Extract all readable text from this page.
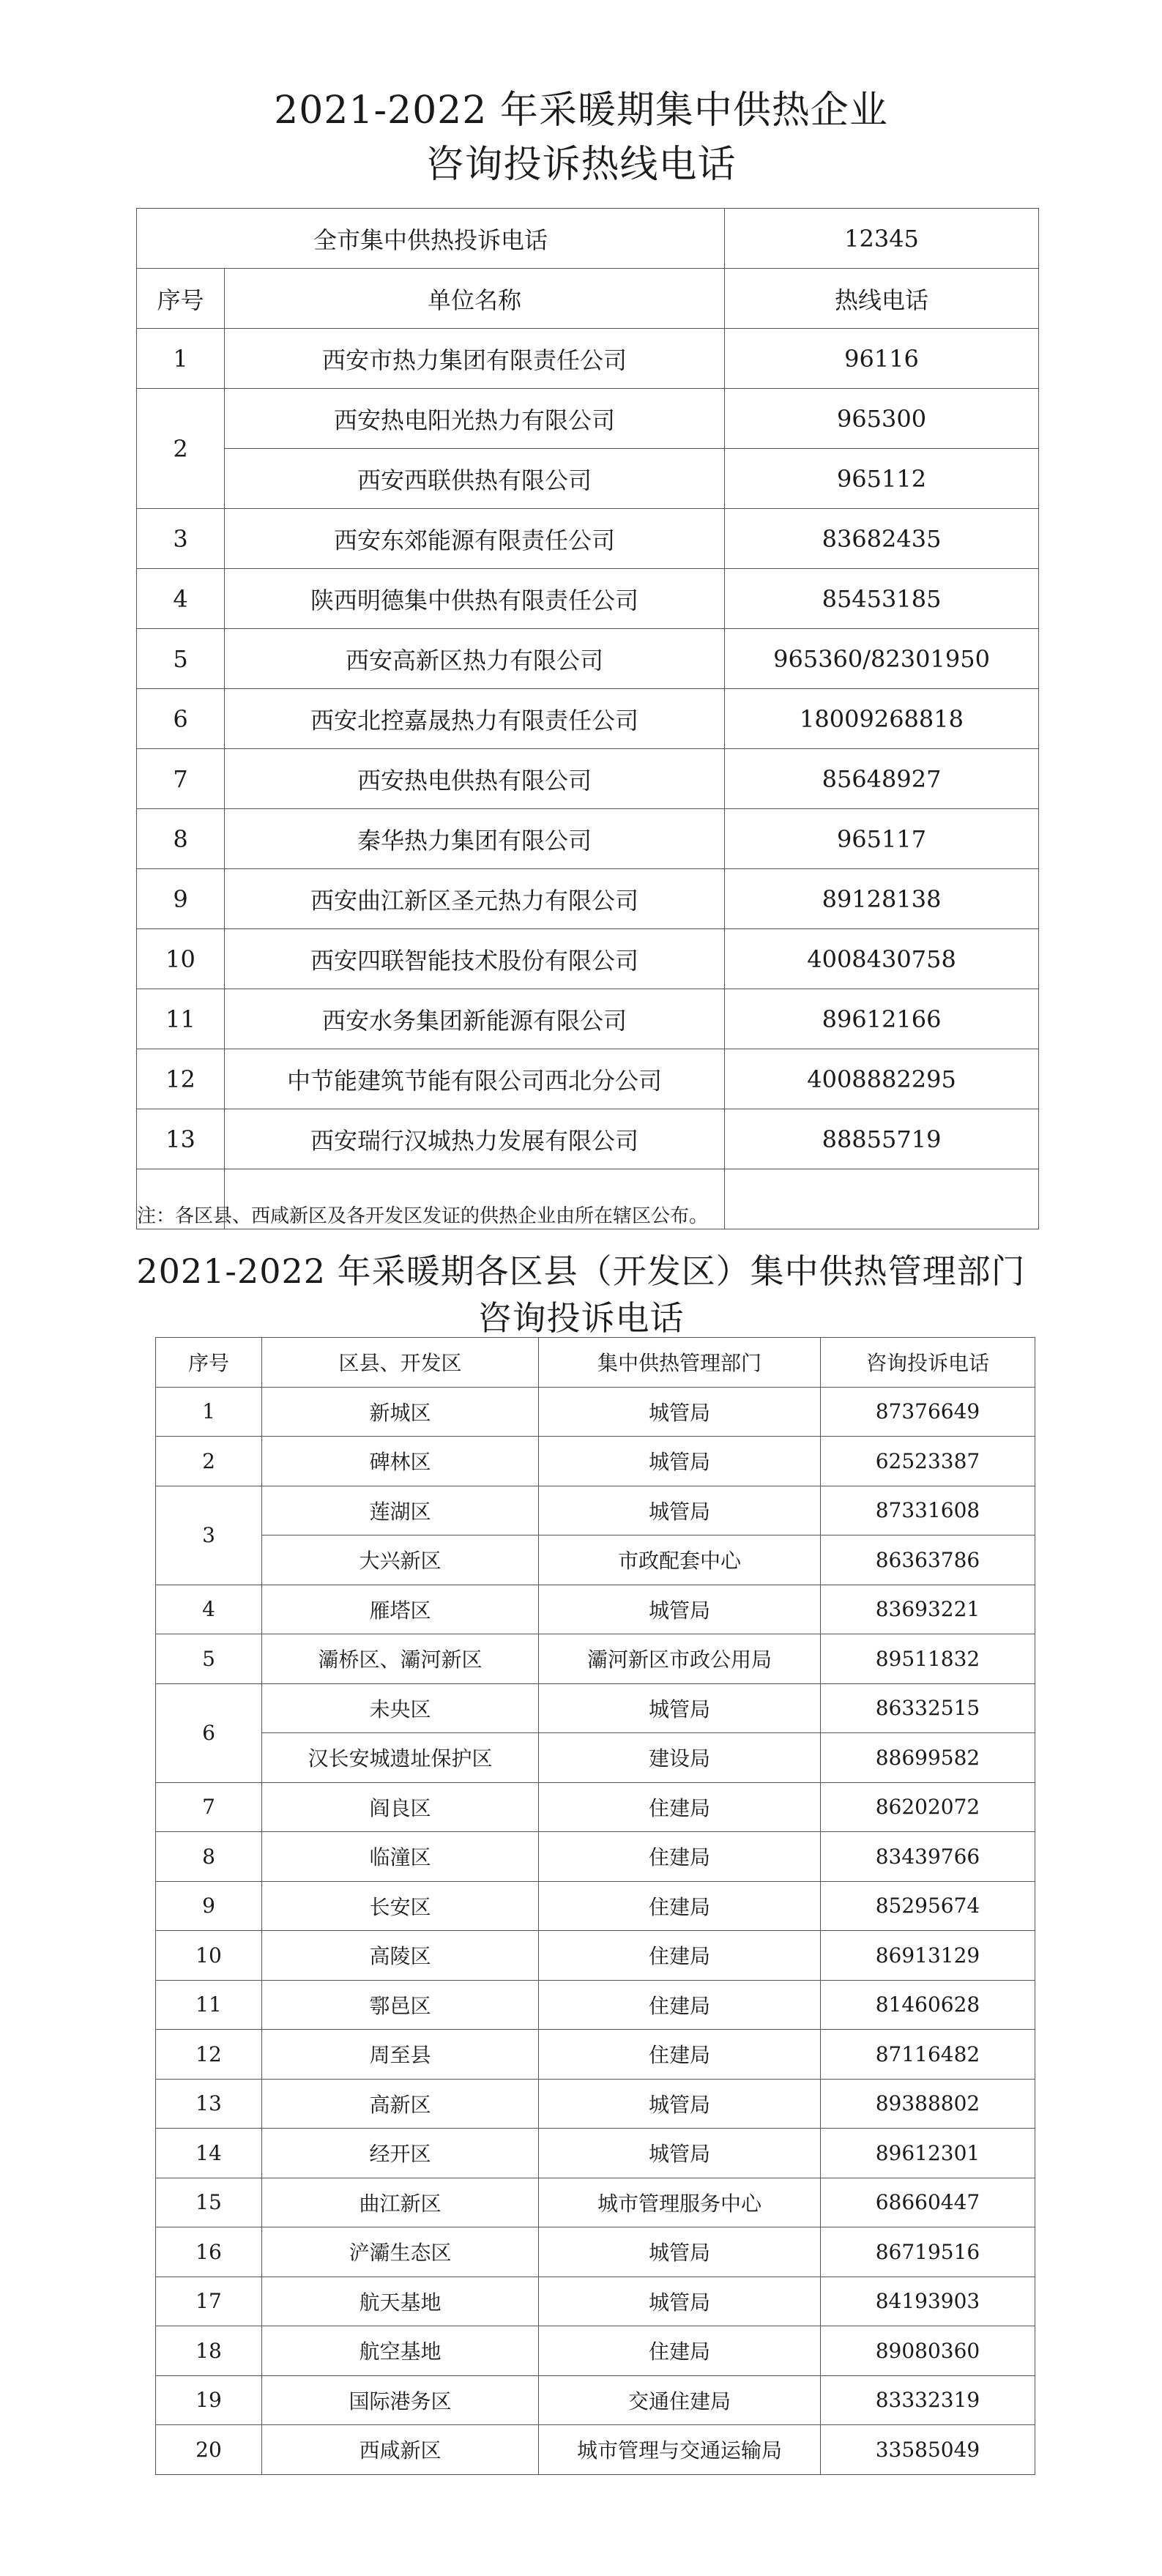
2021-2022 年采暖期集中供热企业
咨询投诉热线电话
全市集中供热投诉电话		12345
序号	单位名称	热线电话
1	西安市热力集团有限责任公司	96116
2	西安热电阳光热力有限公司	965300
	西安西联供热有限公司	965112
3	西安东郊能源有限责任公司	83682435
4	陕西明德集中供热有限责任公司	85453185
5	西安高新区热力有限公司	965360/82301950
6	西安北控嘉晟热力有限责任公司	18009268818
7	西安热电供热有限公司	85648927
8	秦华热力集团有限公司	965117
9	西安曲江新区圣元热力有限公司	89128138
10	西安四联智能技术股份有限公司	4008430758
11	西安水务集团新能源有限公司	89612166
12	中节能建筑节能有限公司西北分公司	4008882295
13	西安瑞行汉城热力发展有限公司	88855719

注：各区县、西咸新区及各开发区发证的供热企业由所在辖区公布。
2021-2022 年采暖期各区县（开发区）集中供热管理部门
咨询投诉电话
序号	区县、开发区	集中供热管理部门	咨询投诉电话
1	新城区	城管局	87376649
2	碑林区	城管局	62523387
3	莲湖区	城管局	87331608
	大兴新区	市政配套中心	86363786
4	雁塔区	城管局	83693221
5	灞桥区、灞河新区	灞河新区市政公用局	89511832
6	未央区	城管局	86332515
	汉长安城遗址保护区	建设局	88699582
7	阎良区	住建局	86202072
8	临潼区	住建局	83439766
9	长安区	住建局	85295674
10	高陵区	住建局	86913129
11	鄠邑区	住建局	81460628
12	周至县	住建局	87116482
13	高新区	城管局	89388802
14	经开区	城管局	89612301
15	曲江新区	城市管理服务中心	68660447
16	浐灞生态区	城管局	86719516
17	航天基地	城管局	84193903
18	航空基地	住建局	89080360
19	国际港务区	交通住建局	83332319
20	西咸新区	城市管理与交通运输局	33585049
